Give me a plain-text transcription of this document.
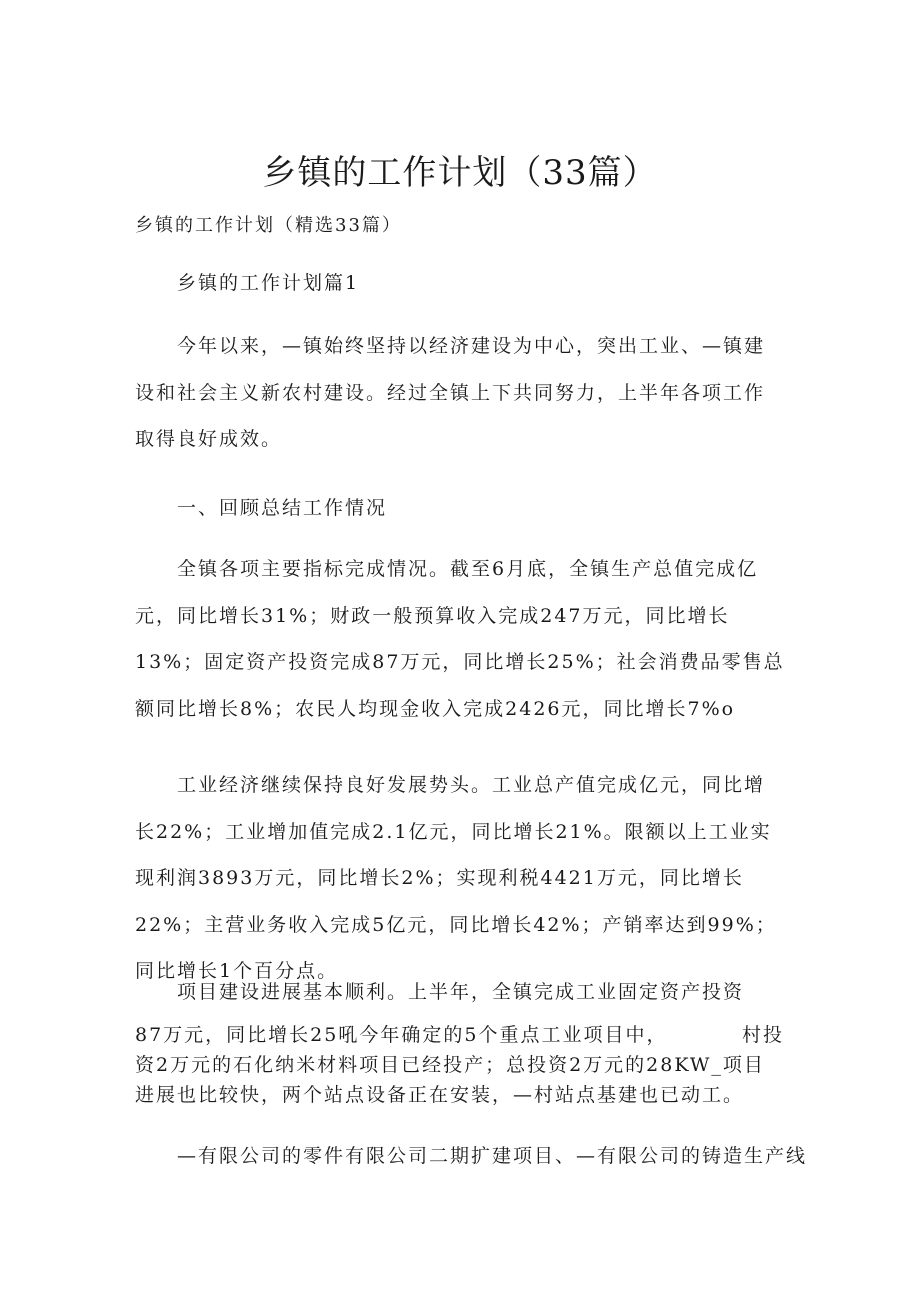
乡镇的工作计划（33篇）
乡镇的工作计划（精选33篇）
乡镇的工作计划篇1

今年以来，—镇始终坚持以经济建设为中心，突出工业、—镇建设和社会主义新农村建设。经过全镇上下共同努力，上半年各项工作取得良好成效。

一、回顾总结工作情况

全镇各项主要指标完成情况。截至6月底，全镇生产总值完成亿元，同比增长31%；财政一般预算收入完成247万元，同比增长13%；固定资产投资完成87万元，同比增长25%；社会消费品零售总额同比增长8%；农民人均现金收入完成2426元，同比增长7%o

工业经济继续保持良好发展势头。工业总产值完成亿元，同比增长22%；工业增加值完成2.1亿元，同比增长21%。限额以上工业实现利润3893万元，同比增长2%；实现利税4421万元，同比增长22%；主营业务收入完成5亿元，同比增长42%；产销率达到99%；同比增长1个百分点。

项目建设进展基本顺利。上半年，全镇完成工业固定资产投资

87万元，同比增长25吼今年确定的5个重点工业项目中，　　　　村投资2万元的石化纳米材料项目已经投产；总投资2万元的28KW_项目进展也比较快，两个站点设备正在安装，—村站点基建也已动工。

—有限公司的零件有限公司二期扩建项目、—有限公司的铸造生产线
